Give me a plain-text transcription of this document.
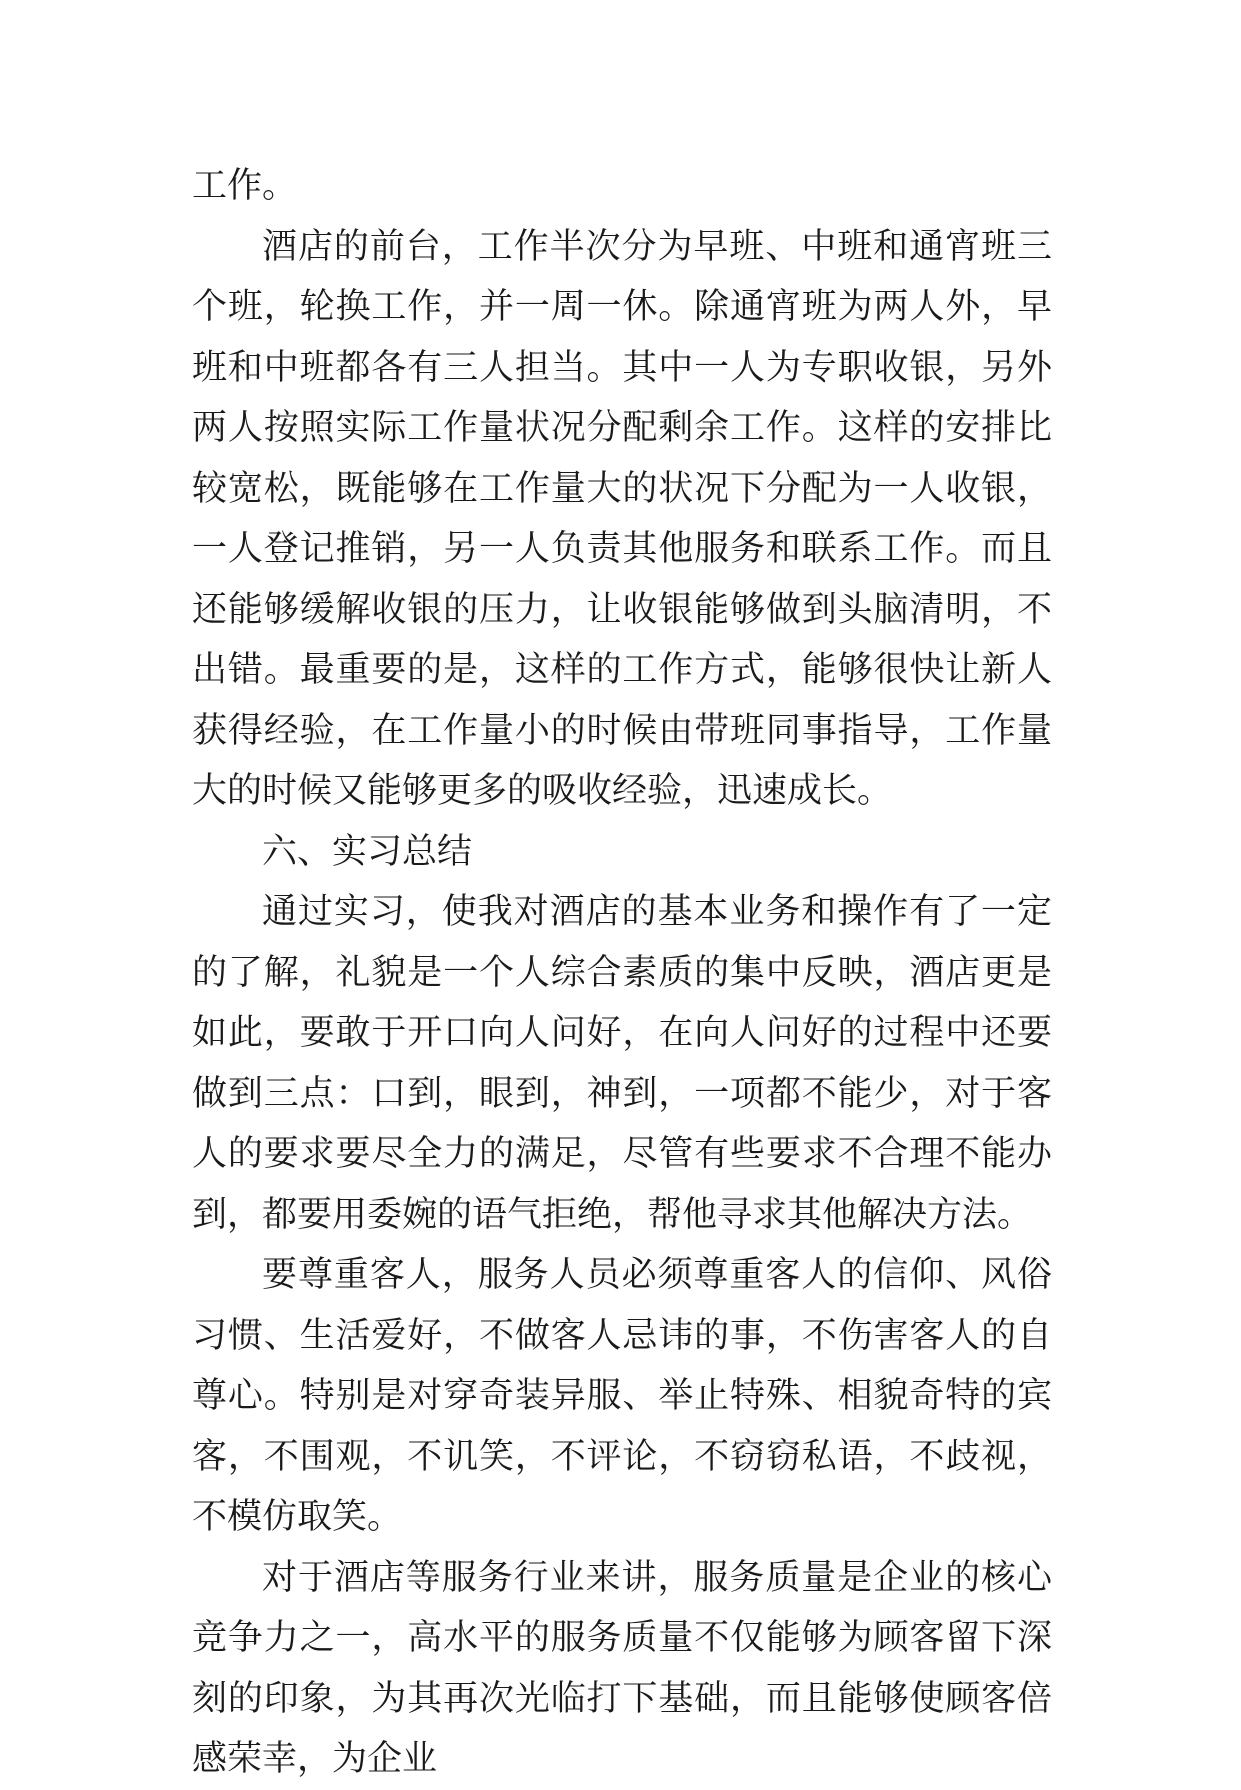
工作。

酒店的前台，工作半次分为早班、中班和通宵班三个班，轮换工作，并一周一休。除通宵班为两人外，早班和中班都各有三人担当。其中一人为专职收银，另外两人按照实际工作量状况分配剩余工作。这样的安排比较宽松，既能够在工作量大的状况下分配为一人收银，一人登记推销，另一人负责其他服务和联系工作。而且还能够缓解收银的压力，让收银能够做到头脑清明，不出错。最重要的是，这样的工作方式，能够很快让新人获得经验，在工作量小的时候由带班同事指导，工作量大的时候又能够更多的吸收经验，迅速成长。

六、实习总结

通过实习，使我对酒店的基本业务和操作有了一定的了解，礼貌是一个人综合素质的集中反映，酒店更是如此，要敢于开口向人问好，在向人问好的过程中还要做到三点：口到，眼到，神到，一项都不能少，对于客人的要求要尽全力的满足，尽管有些要求不合理不能办到，都要用委婉的语气拒绝，帮他寻求其他解决方法。

要尊重客人，服务人员必须尊重客人的信仰、风俗习惯、生活爱好，不做客人忌讳的事，不伤害客人的自尊心。特别是对穿奇装异服、举止特殊、相貌奇特的宾客，不围观，不讥笑，不评论，不窃窃私语，不歧视，不模仿取笑。

对于酒店等服务行业来讲，服务质量是企业的核心竞争力之一，高水平的服务质量不仅能够为顾客留下深刻的印象，为其再次光临打下基础，而且能够使顾客倍感荣幸，为企业
